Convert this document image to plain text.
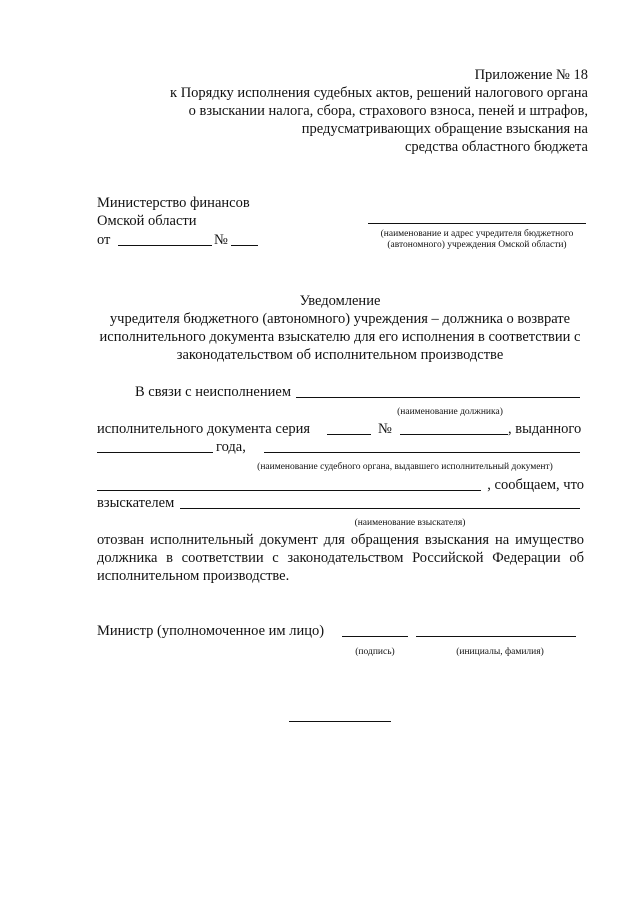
Приложение № 18
к Порядку исполнения судебных актов, решений налогового органа
о взыскании налога, сбора, страхового взноса, пеней и штрафов,
предусматривающих обращение взыскания на
средства областного бюджета
Министерство финансов
Омской области
от	№	(наименование и адрес учредителя бюджетного
(автономного) учреждения Омской области)
Уведомление
учредителя бюджетного (автономного) учреждения – должника о возврате
исполнительного документа взыскателю для его исполнения в соответствии с
законодательством об исполнительном производстве
В связи с неисполнением
(наименование должника)
исполнительного документа серия	№	, выданного
года,
(наименование судебного органа, выдавшего исполнительный документ)
, сообщаем, что
взыскателем
(наименование взыскателя)
отозван исполнительный документ для обращения взыскания на имущество
должника в соответствии с законодательством Российской Федерации об
исполнительном производстве.
Министр (уполномоченное им лицо)
(подпись)	(инициалы, фамилия)
